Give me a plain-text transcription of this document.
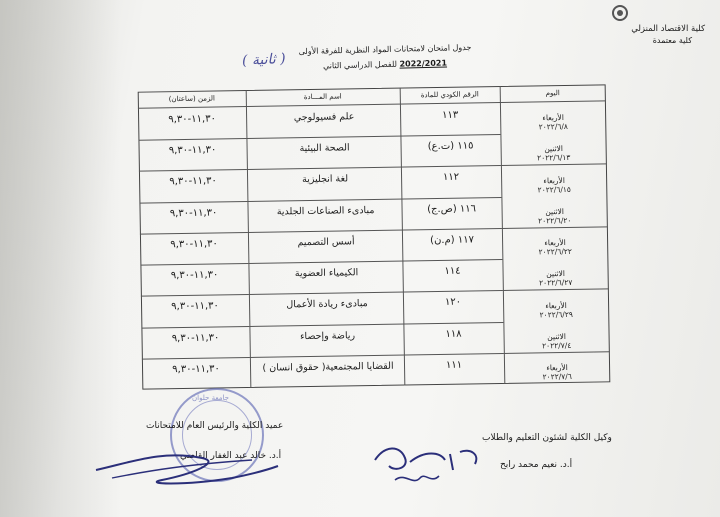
كلية الاقتصاد المنزلي
كلية معتمدة
جدول امتحان لامتحانات المواد النظرية للفرقة الأولى
2022/2021 للفصل الدراسي الثاني
( ثانية )
الزمن (ساعتان)	اسم المـــادة	الرقم الكودي للمادة	اليوم
١١,٣٠-٩,٣٠	علم فسيولوجي	١١٣	الأربعاء
٢٠٢٢/٦/٨
١١,٣٠-٩,٣٠	الصحة البيئية	١١٥ (ت.ع)	الاثنين
٢٠٢٢/٦/١٣
١١,٣٠-٩,٣٠	لغة انجليزية	١١٢	الأربعاء
٢٠٢٢/٦/١٥
١١,٣٠-٩,٣٠	مبادىء الصناعات الجلدية	١١٦ (ص.ج)	الاثنين
٢٠٢٢/٦/٢٠
١١,٣٠-٩,٣٠	أسس التصميم	١١٧ (م.ن)	الأربعاء
٢٠٢٢/٦/٢٢
١١,٣٠-٩,٣٠	الكيمياء العضوية	١١٤	الاثنين
٢٠٢٢/٦/٢٧
١١,٣٠-٩,٣٠	مبادىء ريادة الأعمال	١٢٠	الأربعاء
٢٠٢٢/٦/٢٩
١١,٣٠-٩,٣٠	رياضة وإحصاء	١١٨	الاثنين
٢٠٢٢/٧/٤
١١,٣٠-٩,٣٠	القضايا المجتمعية( حقوق انسان )	١١١	الأربعاء
٢٠٢٢/٧/٦
جامعة حلوان
عميد الكلية والرئيس العام للامتحانات
أ.د. خالد عبد الغفار القاضي
وكيل الكلية لشئون التعليم والطلاب
أ.د. نعيم محمد رابح
